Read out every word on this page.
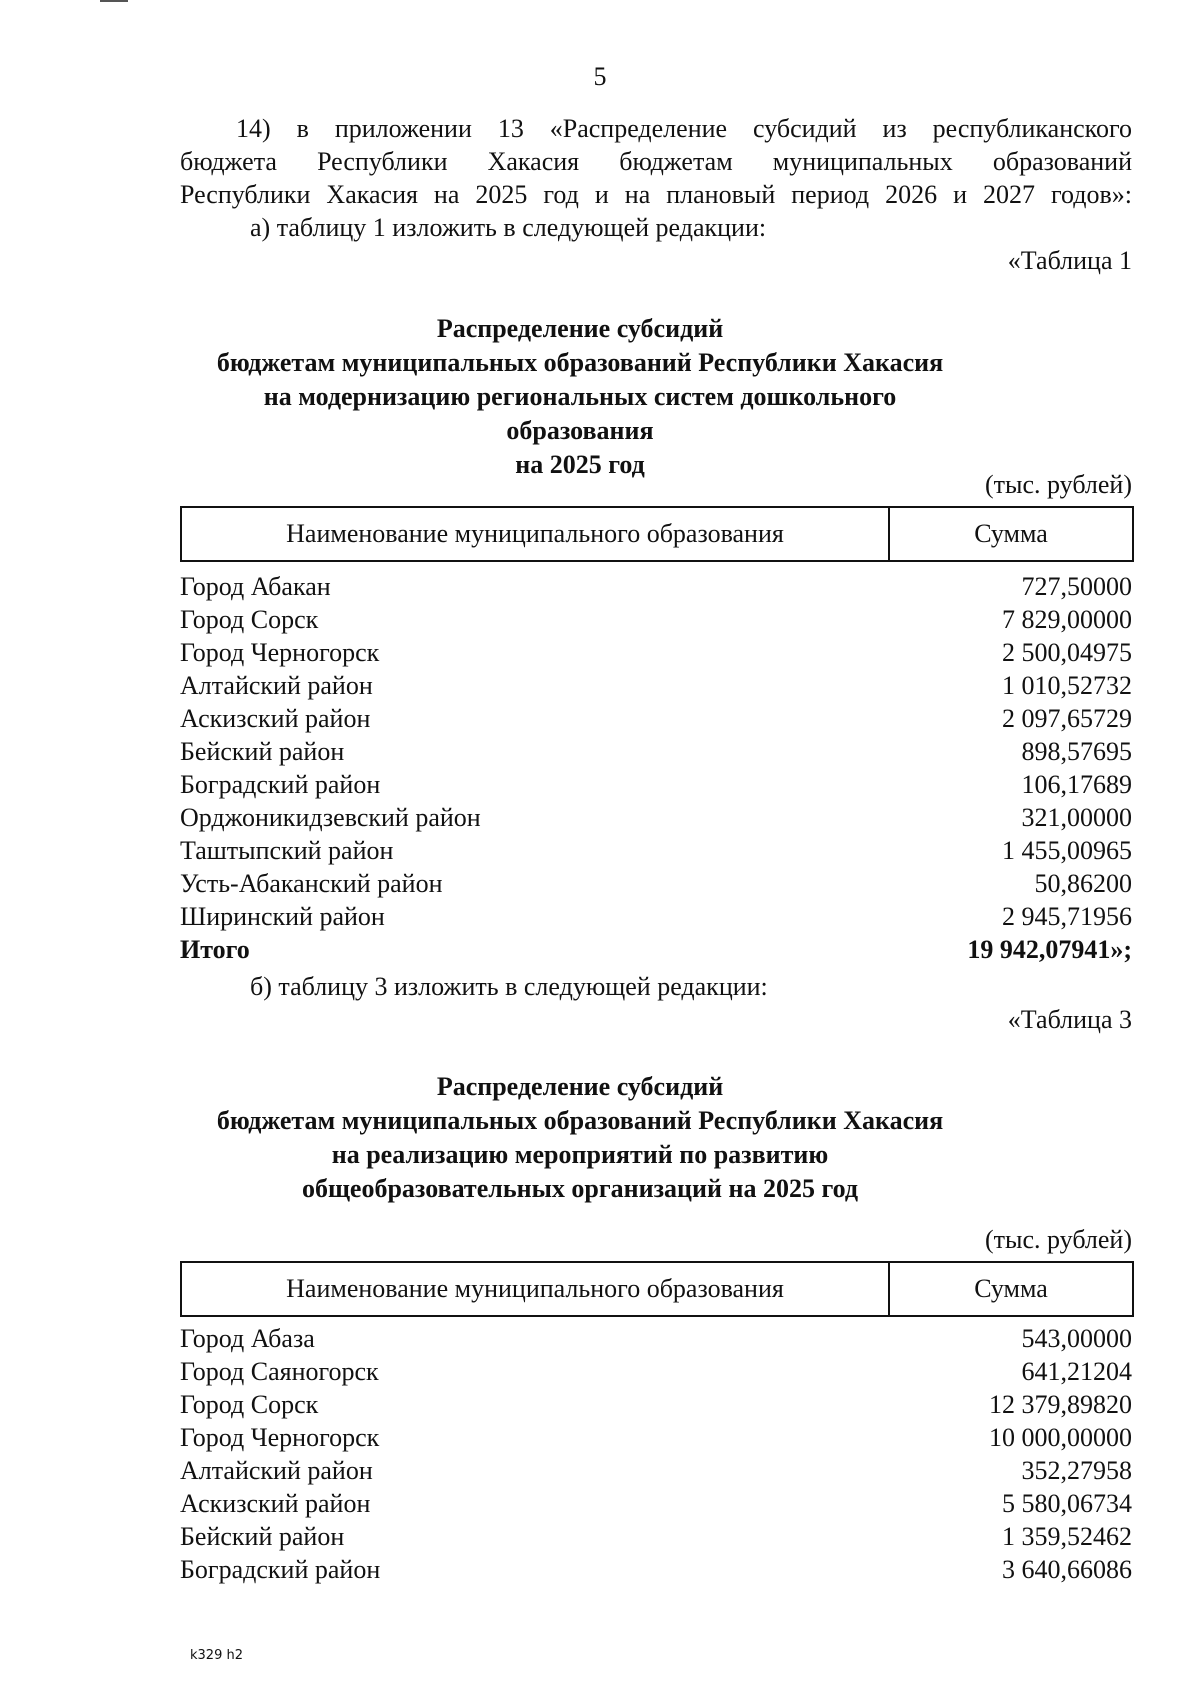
5
14) в приложении 13 «Распределение субсидий из республиканского
бюджета Республики Хакасия бюджетам муниципальных образований
Республики Хакасия на 2025 год и на плановый период 2026 и 2027 годов»:
а) таблицу 1 изложить в следующей редакции:
«Таблица 1
Распределение субсидий
бюджетам муниципальных образований Республики Хакасия
на модернизацию региональных систем дошкольного образования
на 2025 год
(тыс. рублей)
Наименование муниципального образования	Сумма
Город Абакан	727,50000
Город Сорск	7 829,00000
Город Черногорск	2 500,04975
Алтайский район	1 010,52732
Аскизский район	2 097,65729
Бейский район	898,57695
Боградский район	106,17689
Орджоникидзевский район	321,00000
Таштыпский район	1 455,00965
Усть-Абаканский район	50,86200
Ширинский район	2 945,71956
Итого	19 942,07941»;
б) таблицу 3 изложить в следующей редакции:
«Таблица 3
Распределение субсидий
бюджетам муниципальных образований Республики Хакасия
на реализацию мероприятий по развитию
общеобразовательных организаций на 2025 год
(тыс. рублей)
Наименование муниципального образования	Сумма
Город Абаза	543,00000
Город Саяногорск	641,21204
Город Сорск	12 379,89820
Город Черногорск	10 000,00000
Алтайский район	352,27958
Аскизский район	5 580,06734
Бейский район	1 359,52462
Боградский район	3 640,66086
k329 h2
